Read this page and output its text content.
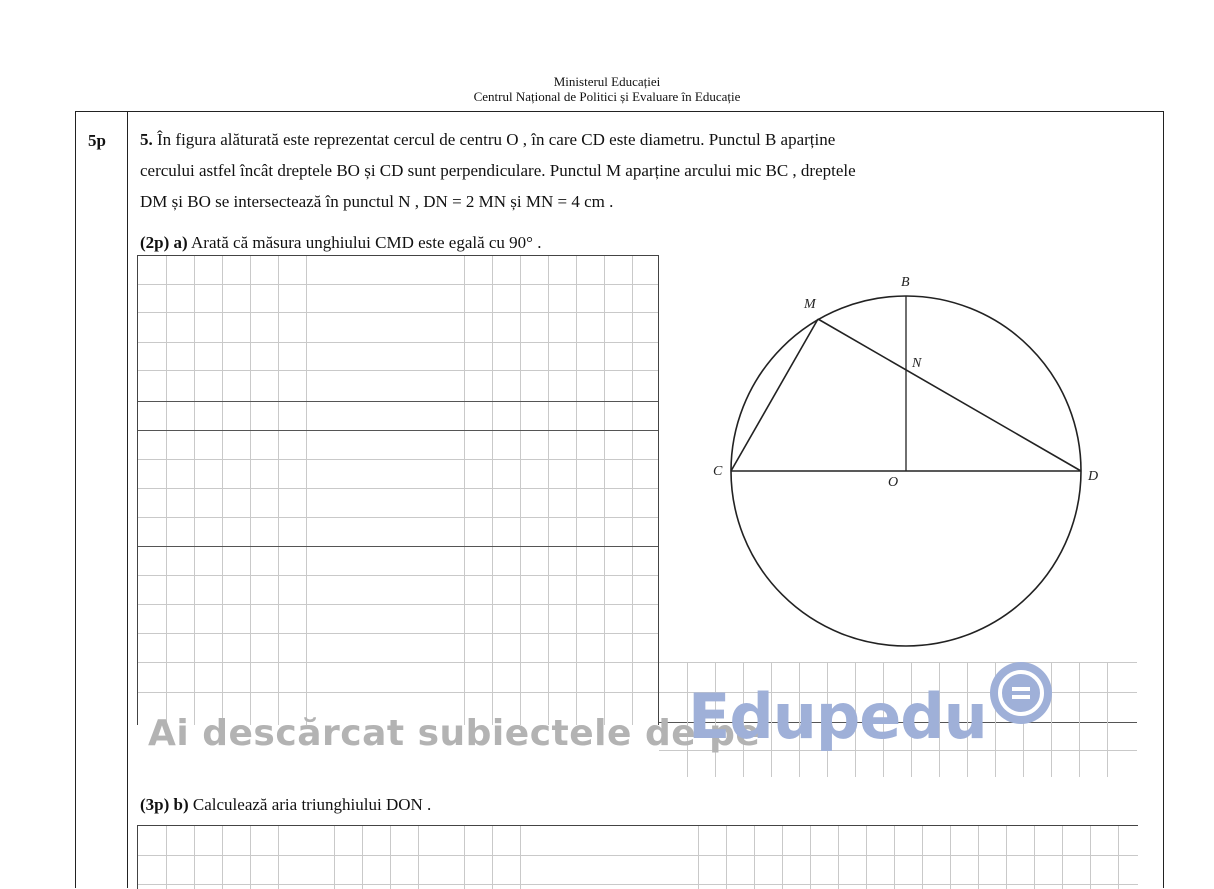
Ministerul Educației
Centrul Național de Politici și Evaluare în Educație
5p 5. În figura alăturată este reprezentat cercul de centru O , în care CD este diametru. Punctul B aparține
cercului astfel încât dreptele BO și CD sunt perpendiculare. Punctul M aparține arcului mic BC , dreptele
DM și BO se intersectează în punctul N , DN = 2 MN și MN = 4 cm .
(2p) a) Arată că măsura unghiului CMD este egală cu 90° .
B
M
N
C
O	D
Ai descărcat subiectele de pe
Edupedu
(3p) b) Calculează aria triunghiului DON .
